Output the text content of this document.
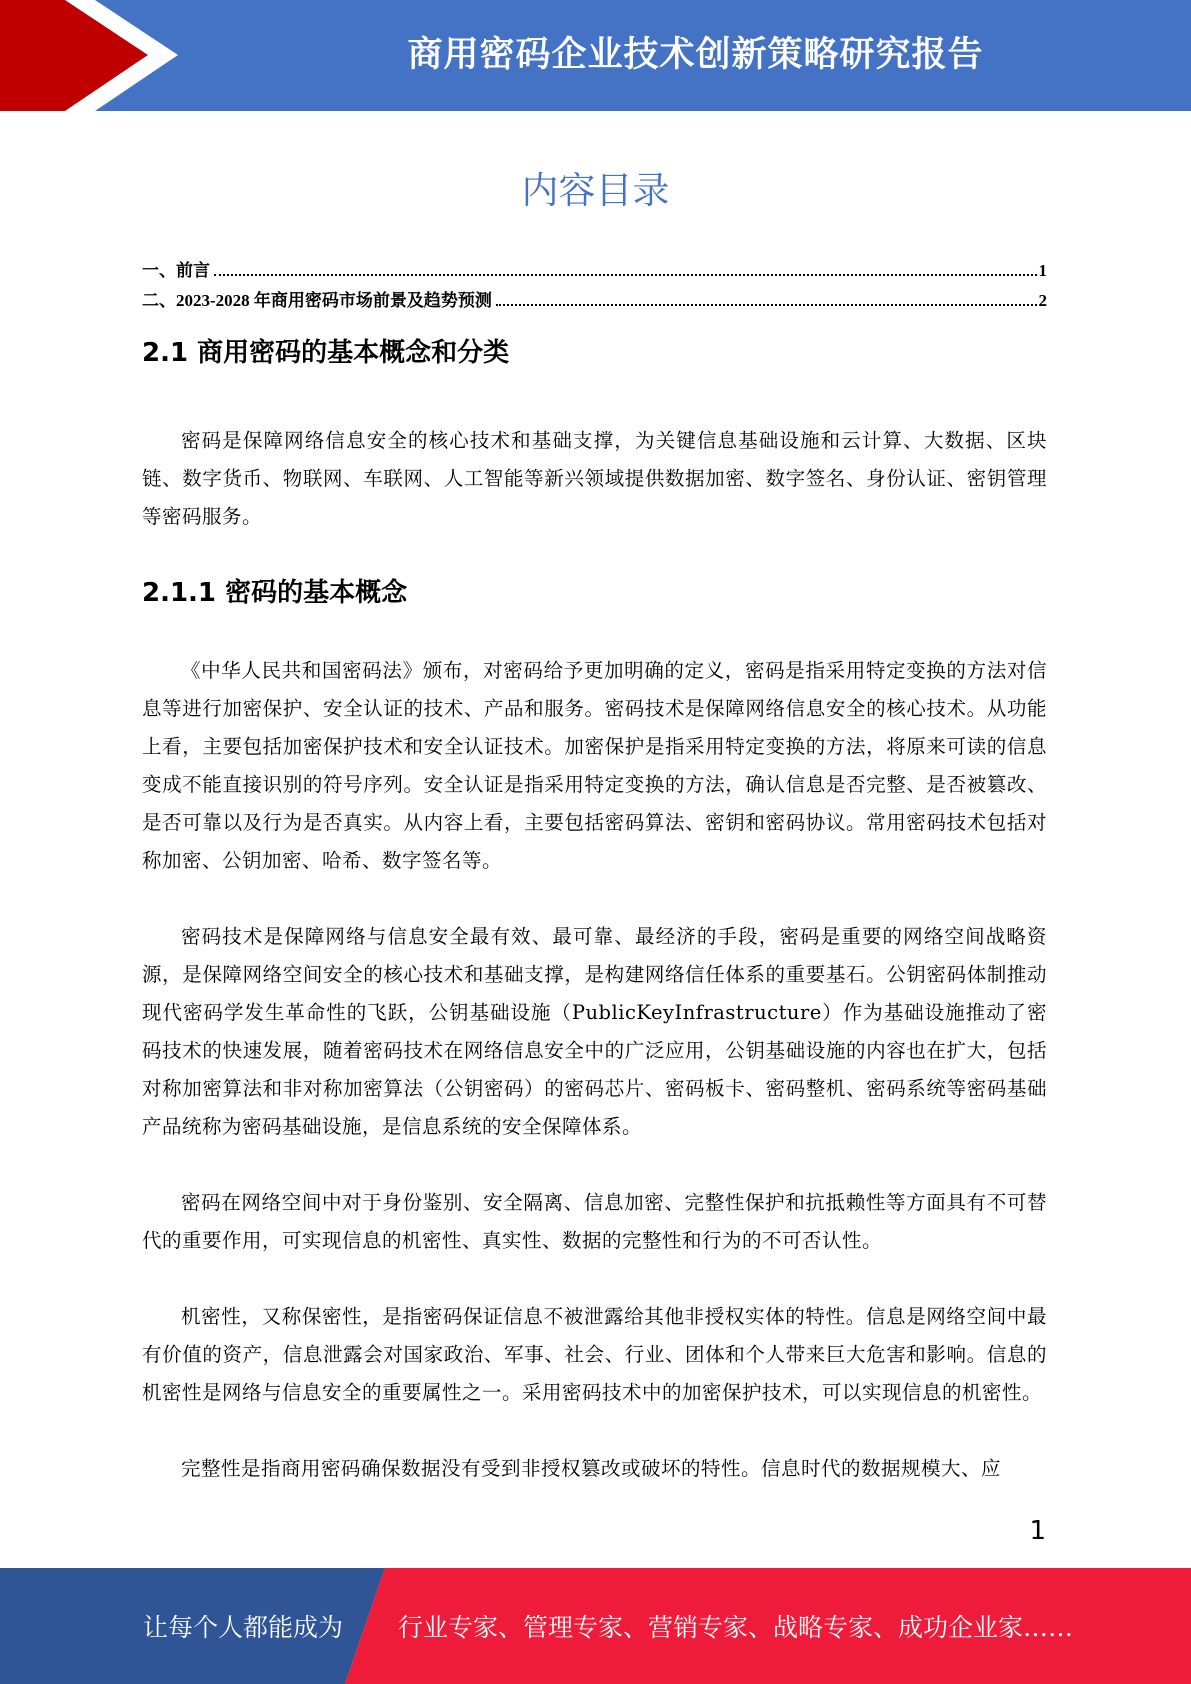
商用密码企业技术创新策略研究报告
内容目录
一、前言	1
二、2023-2028 年商用密码市场前景及趋势预测	2
2.1 商用密码的基本概念和分类

密码是保障网络信息安全的核心技术和基础支撑，为关键信息基础设施和云计算、大数据、区块链、数字货币、物联网、车联网、人工智能等新兴领域提供数据加密、数字签名、身份认证、密钥管理等密码服务。

2.1.1 密码的基本概念

《中华人民共和国密码法》颁布，对密码给予更加明确的定义，密码是指采用特定变换的方法对信息等进行加密保护、安全认证的技术、产品和服务。密码技术是保障网络信息安全的核心技术。从功能上看，主要包括加密保护技术和安全认证技术。加密保护是指采用特定变换的方法，将原来可读的信息变成不能直接识别的符号序列。安全认证是指采用特定变换的方法，确认信息是否完整、是否被篡改、是否可靠以及行为是否真实。从内容上看，主要包括密码算法、密钥和密码协议。常用密码技术包括对称加密、公钥加密、哈希、数字签名等。

密码技术是保障网络与信息安全最有效、最可靠、最经济的手段，密码是重要的网络空间战略资源，是保障网络空间安全的核心技术和基础支撑，是构建网络信任体系的重要基石。公钥密码体制推动现代密码学发生革命性的飞跃，公钥基础设施（PublicKeyInfrastructure）作为基础设施推动了密码技术的快速发展，随着密码技术在网络信息安全中的广泛应用，公钥基础设施的内容也在扩大，包括对称加密算法和非对称加密算法（公钥密码）的密码芯片、密码板卡、密码整机、密码系统等密码基础产品统称为密码基础设施，是信息系统的安全保障体系。

密码在网络空间中对于身份鉴别、安全隔离、信息加密、完整性保护和抗抵赖性等方面具有不可替代的重要作用，可实现信息的机密性、真实性、数据的完整性和行为的不可否认性。

机密性，又称保密性，是指密码保证信息不被泄露给其他非授权实体的特性。信息是网络空间中最有价值的资产，信息泄露会对国家政治、军事、社会、行业、团体和个人带来巨大危害和影响。信息的机密性是网络与信息安全的重要属性之一。采用密码技术中的加密保护技术，可以实现信息的机密性。

完整性是指商用密码确保数据没有受到非授权篡改或破坏的特性。信息时代的数据规模大、应

1
让每个人都能成为 行业专家、管理专家、营销专家、战略专家、成功企业家……
